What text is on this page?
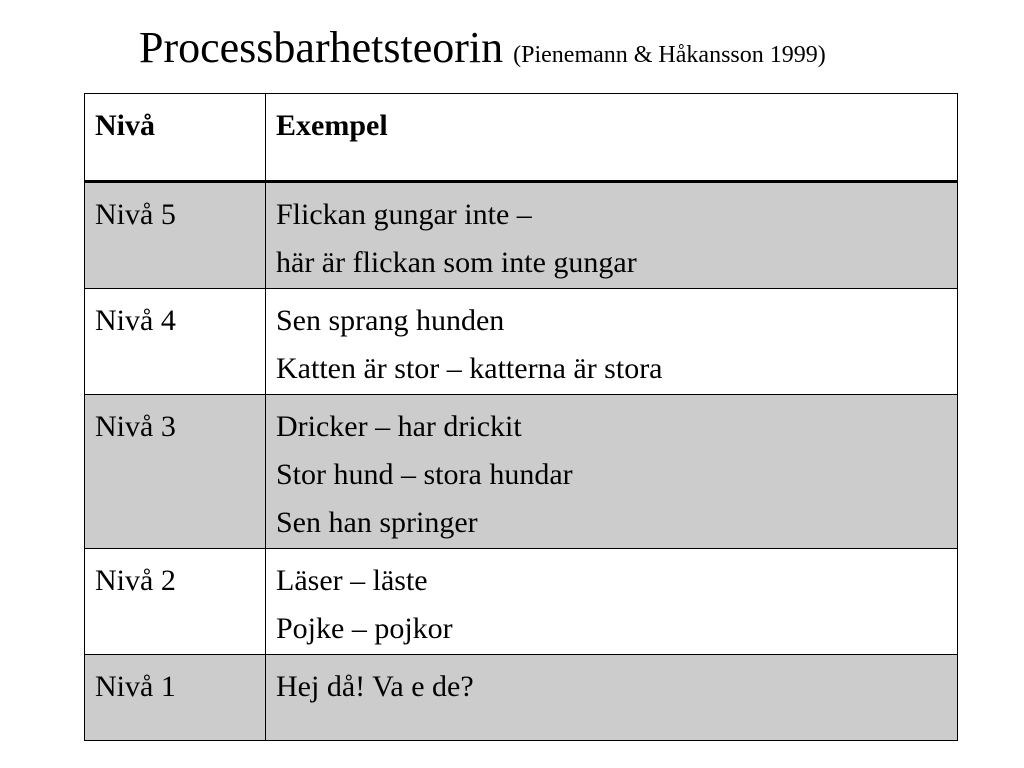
Processbarhetsteorin (Pienemann & Håkansson 1999)
Nivå	Exempel
Nivå 5	Flickan gungar inte –
här är flickan som inte gungar

Nivå 4	Sen sprang hunden
Katten är stor – katterna är stora

Nivå 3	Dricker – har drickit
Stor hund – stora hundar
Sen han springer

Nivå 2	Läser – läste
Pojke – pojkor

Nivå 1	Hej då! Va e de?
